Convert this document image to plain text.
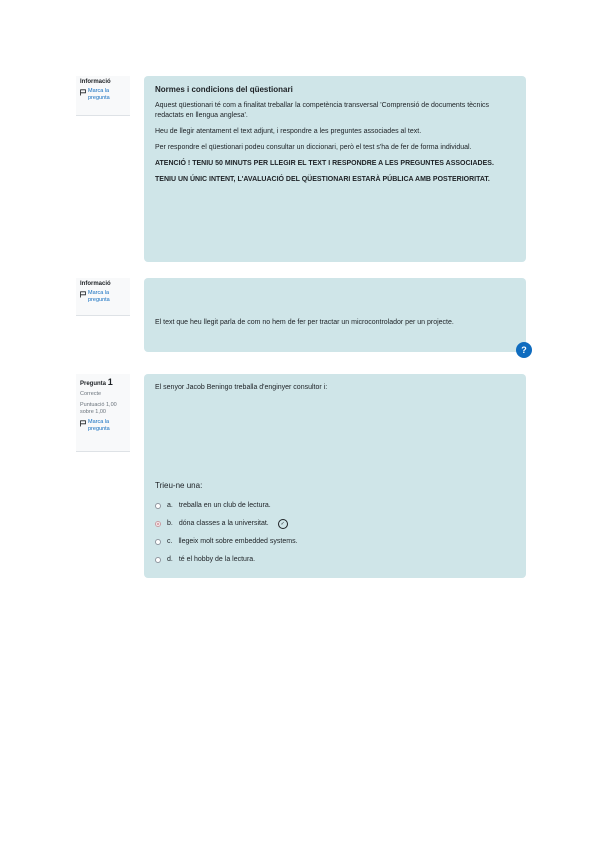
Informació
Marca la pregunta

Normes i condicions del qüestionari

Aquest qüestionari té com a finalitat treballar la competència transversal 'Comprensió de documents tècnics redactats en llengua anglesa'.

Heu de llegir atentament el text adjunt, i respondre a les preguntes associades al text.

Per respondre el qüestionari podeu consultar un diccionari, però el test s'ha de fer de forma individual.

ATENCIÓ ! TENIU 50 MINUTS PER LLEGIR EL TEXT I RESPONDRE A LES PREGUNTES ASSOCIADES.

TENIU UN ÚNIC INTENT, L'AVALUACIÓ DEL QÜESTIONARI ESTARÀ PÚBLICA AMB POSTERIORITAT.

Informació
Marca la pregunta

El text que heu llegit parla de com no hem de fer per tractar un microcontrolador per un projecte.

?
Pregunta 1
Correcte
Puntuació 1,00 sobre 1,00
Marca la pregunta

El senyor Jacob Beningo treballa d'enginyer consultor i:

Trieu-ne una:

a. treballa en un club de lectura.
b. dóna classes a la universitat.	✓
c. llegeix molt sobre embedded systems.
d. té el hobby de la lectura.
